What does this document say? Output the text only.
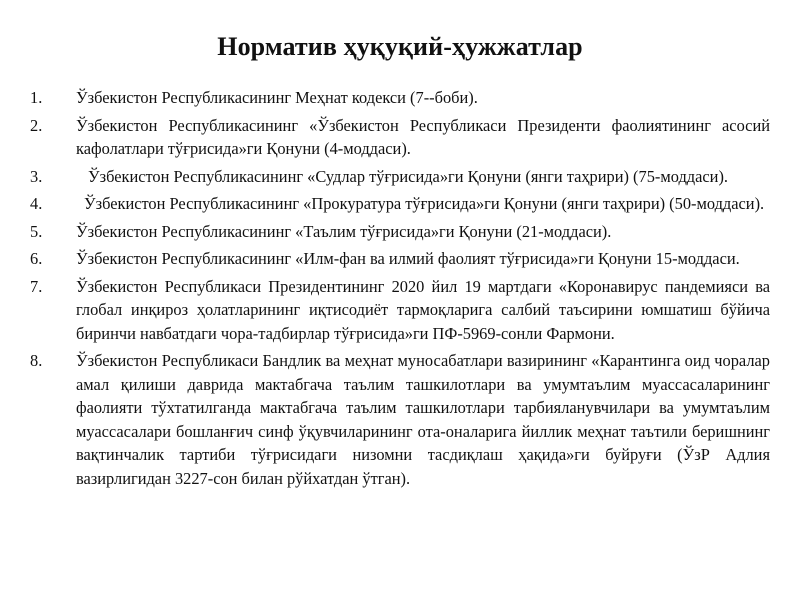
Норматив ҳуқуқий-ҳужжатлар
1.	Ўзбекистон Республикасининг Меҳнат кодекси (7--боби).
2.	Ўзбекистон Республикасининг «Ўзбекистон Республикаси Президенти фаолиятининг асосий кафолатлари тўғрисида»ги Қонуни (4-моддаси).
3.	Ўзбекистон Республикасининг «Судлар тўғрисида»ги Қонуни (янги таҳрири) (75-моддаси).
4.	Ўзбекистон Республикасининг «Прокуратура тўғрисида»ги Қонуни (янги таҳрири) (50-моддаси).
5.	Ўзбекистон Республикасининг «Таълим тўғрисида»ги Қонуни (21-моддаси).
6.	Ўзбекистон Республикасининг «Илм-фан ва илмий фаолият тўғрисида»ги Қонуни 15-моддаси.
7.	Ўзбекистон Республикаси Президентининг 2020 йил 19 мартдаги «Коронавирус пандемияси ва глобал инқироз ҳолатларининг иқтисодиёт тармоқларига салбий таъсирини юмшатиш бўйича биринчи навбатдаги чора-тадбирлар тўғрисида»ги ПФ-5969-сонли Фармони.
8.	Ўзбекистон Республикаси Бандлик ва меҳнат муносабатлари вазирининг «Карантинга оид чоралар амал қилиши даврида мактабгача таълим ташкилотлари ва умумтаълим муассасаларининг фаолияти тўхтатилганда мактабгача таълим ташкилотлари тарбияланувчилари ва умумтаълим муассасалари бошланғич синф ўқувчиларининг ота-оналарига йиллик меҳнат таътили беришнинг вақтинчалик тартиби тўғрисидаги низомни тасдиқлаш ҳақида»ги буйруғи (ЎзР Адлия вазирлигидан 3227-сон билан рўйхатдан ўтган).
